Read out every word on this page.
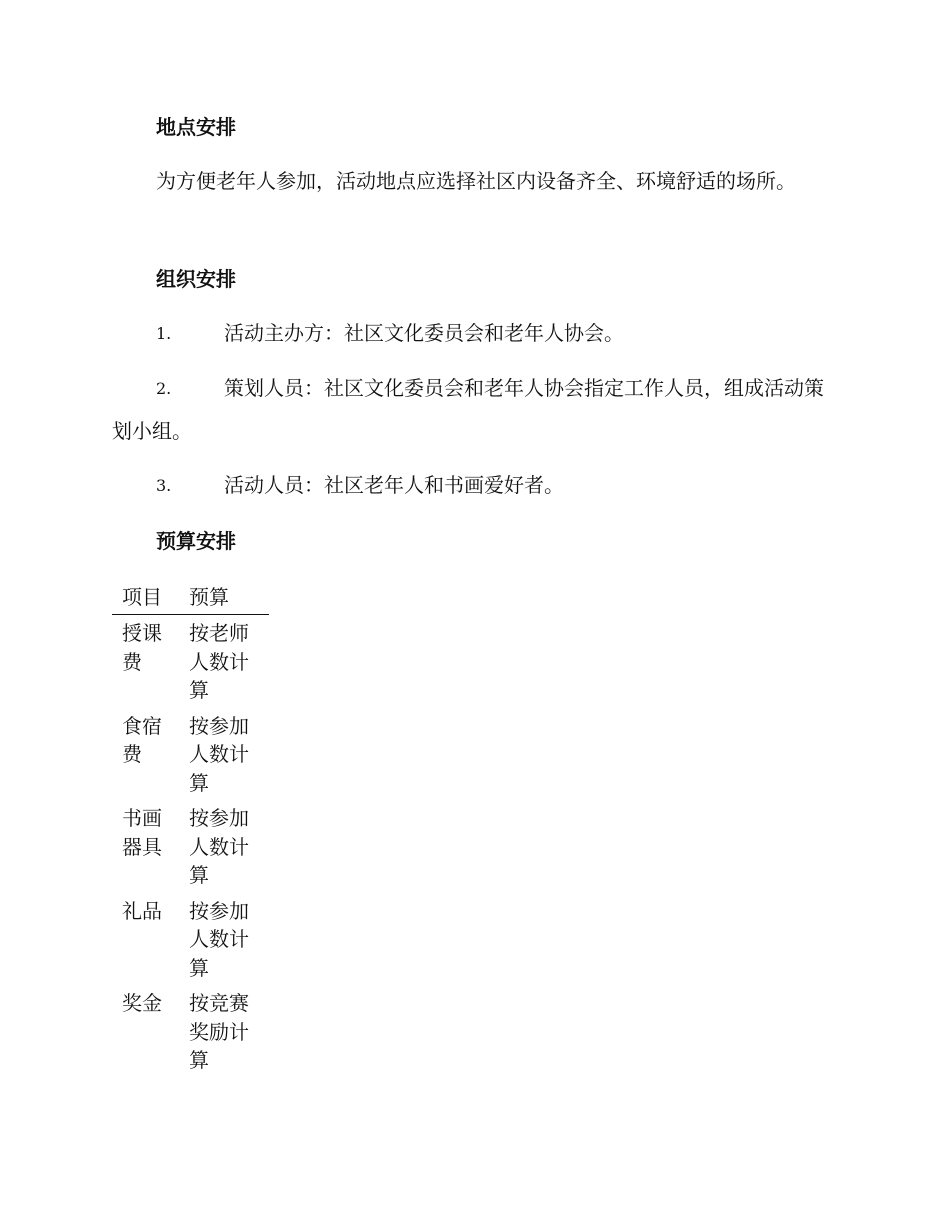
地点安排
为方便老年人参加，活动地点应选择社区内设备齐全、环境舒适的场所。
组织安排
1.	活动主办方：社区文化委员会和老年人协会。
2.	策划人员：社区文化委员会和老年人协会指定工作人员，组成活动策划小组。
3.	活动人员：社区老年人和书画爱好者。
预算安排
项目	预算
授课费	按老师人数计算
食宿费	按参加人数计算
书画器具	按参加人数计算
礼品	按参加人数计算
奖金	按竞赛奖励计算
